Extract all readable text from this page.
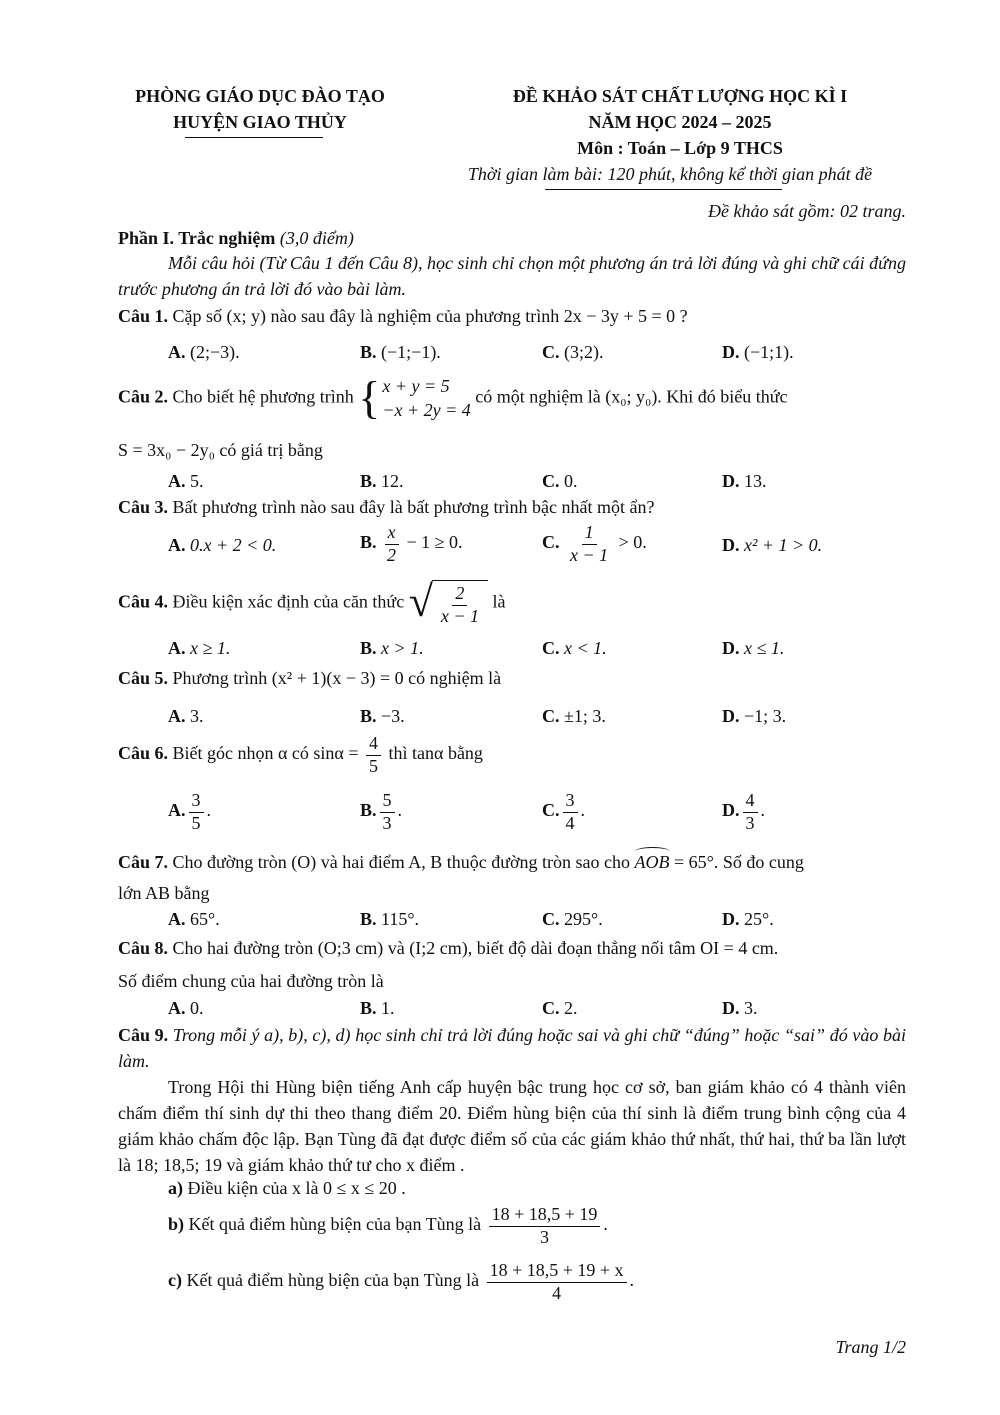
PHÒNG GIÁO DỤC ĐÀO TẠO
HUYỆN GIAO THỦY
ĐỀ KHẢO SÁT CHẤT LƯỢNG HỌC KÌ I
NĂM HỌC 2024 – 2025
Môn : Toán – Lớp 9 THCS
Thời gian làm bài: 120 phút, không kể thời gian phát đề
Đề khảo sát gồm: 02 trang.
Phần I. Trắc nghiệm (3,0 điểm)
Mỗi câu hỏi (Từ Câu 1 đến Câu 8), học sinh chỉ chọn một phương án trả lời đúng và ghi chữ cái đứng trước phương án trả lời đó vào bài làm.
Câu 1. Cặp số (x; y) nào sau đây là nghiệm của phương trình 2x − 3y + 5 = 0 ?
A. (2;−3).	B. (−1;−1).	C. (3;2).	D. (−1;1).
Câu 2. Cho biết hệ phương trình { x + y = 5
−x + 2y = 4
có một nghiệm là (x₀; y₀). Khi đó biểu thức
S = 3x₀ − 2y₀ có giá trị bằng
A. 5.	B. 12.	C. 0.	D. 13.
Câu 3. Bất phương trình nào sau đây là bất phương trình bậc nhất một ẩn?
A. 0.x + 2 < 0.	B. $\frac{x}{2} - 1 \ge 0$.	C. $\frac{1}{x - 1} > 0$.	D. x² + 1 > 0.
Câu 4. Điều kiện xác định của căn thức √ $\frac{2}{x - 1}$ là
A. x ≥ 1.	B. x > 1.	C. x < 1.	D. x ≤ 1.
Câu 5. Phương trình (x² + 1)(x − 3) = 0 có nghiệm là
A. 3.	B. −3.	C. ±1; 3.	D. −1; 3.
Câu 6. Biết góc nhọn α có $\sin\alpha = \frac{4}{5}$ thì tanα bằng
A. $\frac{3}{5}$ .	B. $\frac{5}{3}$ .	C. $\frac{3}{4}$ .	D. $\frac{4}{3}$ .
Câu 7. Cho đường tròn (O) và hai điểm A, B thuộc đường tròn sao cho AOB = 65°. Số đo cung
lớn AB bằng
A. 65°.	B. 115°.	C. 295°.	D. 25°.
Câu 8. Cho hai đường tròn (O;3 cm) và (I;2 cm), biết độ dài đoạn thẳng nối tâm OI = 4 cm.
Số điểm chung của hai đường tròn là
A. 0.	B. 1.	C. 2.	D. 3.
Câu 9. Trong mỗi ý a), b), c), d) học sinh chỉ trả lời đúng hoặc sai và ghi chữ “đúng” hoặc “sai” đó vào bài làm.
Trong Hội thi Hùng biện tiếng Anh cấp huyện bậc trung học cơ sở, ban giám khảo có 4 thành viên chấm điểm thí sinh dự thi theo thang điểm 20. Điểm hùng biện của thí sinh là điểm trung bình cộng của 4 giám khảo chấm độc lập. Bạn Tùng đã đạt được điểm số của các giám khảo thứ nhất, thứ hai, thứ ba lần lượt là 18; 18,5; 19 và giám khảo thứ tư cho x điểm .
a) Điều kiện của x là 0 ≤ x ≤ 20 .
b) Kết quả điểm hùng biện của bạn Tùng là $\frac{18 + 18,5 + 19}{3}$ .
c) Kết quả điểm hùng biện của bạn Tùng là $\frac{18 + 18,5 + 19 + x}{4}$ .
Trang 1/2
